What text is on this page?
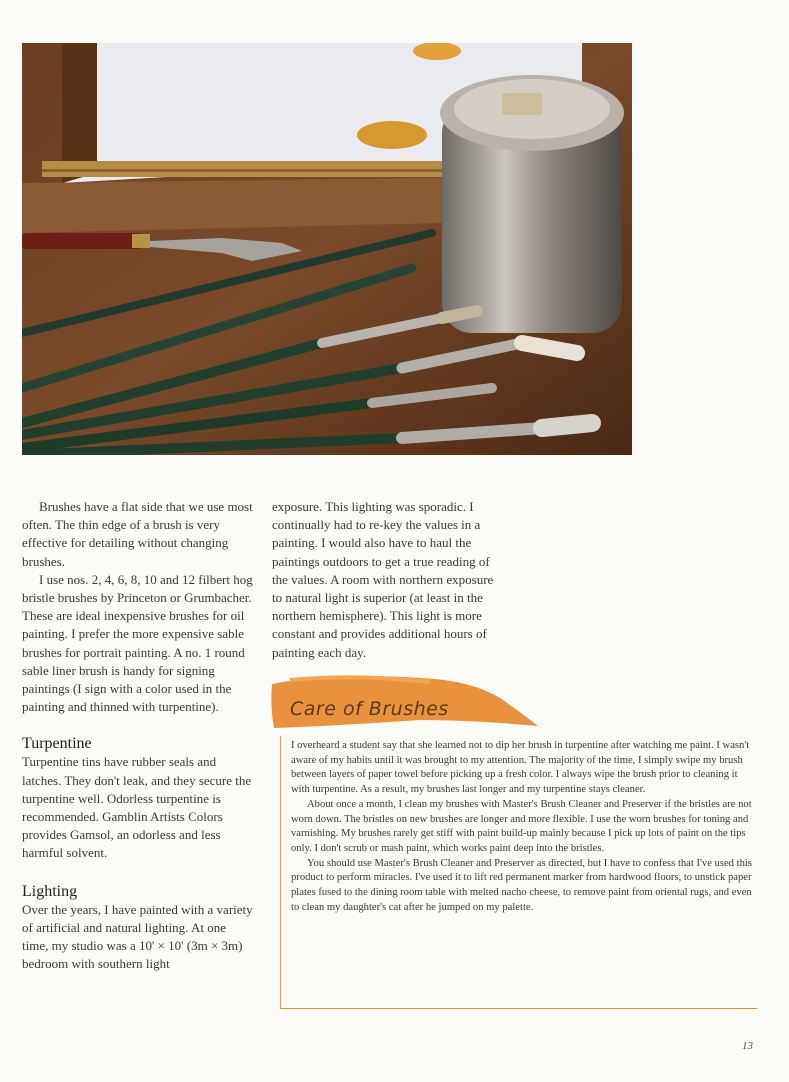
Brushes have a flat side that we use most often. The thin edge of a brush is very effective for detailing without changing brushes.

I use nos. 2, 4, 6, 8, 10 and 12 filbert hog bristle brushes by Princeton or Grumbacher. These are ideal inexpensive brushes for oil painting. I prefer the more expensive sable brushes for portrait painting. A no. 1 round sable liner brush is handy for signing paintings (I sign with a color used in the painting and thinned with turpentine).

Turpentine

Turpentine tins have rubber seals and latches. They don't leak, and they secure the turpentine well. Odorless turpentine is recommended. Gamblin Artists Colors provides Gamsol, an odorless and less harmful solvent.

Lighting

Over the years, I have painted with a variety of artificial and natural lighting. At one time, my studio was a 10' × 10' (3m × 3m) bedroom with southern light

exposure. This lighting was sporadic. I continually had to re-key the values in a painting. I would also have to haul the paintings outdoors to get a true reading of the values. A room with northern exposure to natural light is superior (at least in the northern hemisphere). This light is more constant and provides additional hours of painting each day.

Care of Brushes

I overheard a student say that she learned not to dip her brush in turpentine after watching me paint. I wasn't aware of my habits until it was brought to my attention. The majority of the time, I simply swipe my brush between layers of paper towel before picking up a fresh color. I always wipe the brush prior to cleaning it with turpentine. As a result, my brushes last longer and my turpentine stays cleaner.

About once a month, I clean my brushes with Master's Brush Cleaner and Preserver if the bristles are not worn down. The bristles on new brushes are longer and more flexible. I use the worn brushes for toning and varnishing. My brushes rarely get stiff with paint build-up mainly because I pick up lots of paint on the tips only. I don't scrub or mash paint, which works paint deep into the bristles.

You should use Master's Brush Cleaner and Preserver as directed, but I have to confess that I've used this product to perform miracles. I've used it to lift red permanent marker from hardwood floors, to unstick paper plates fused to the dining room table with melted nacho cheese, to remove paint from oriental rugs, and even to clean my daughter's cat after he jumped on my palette.

13
